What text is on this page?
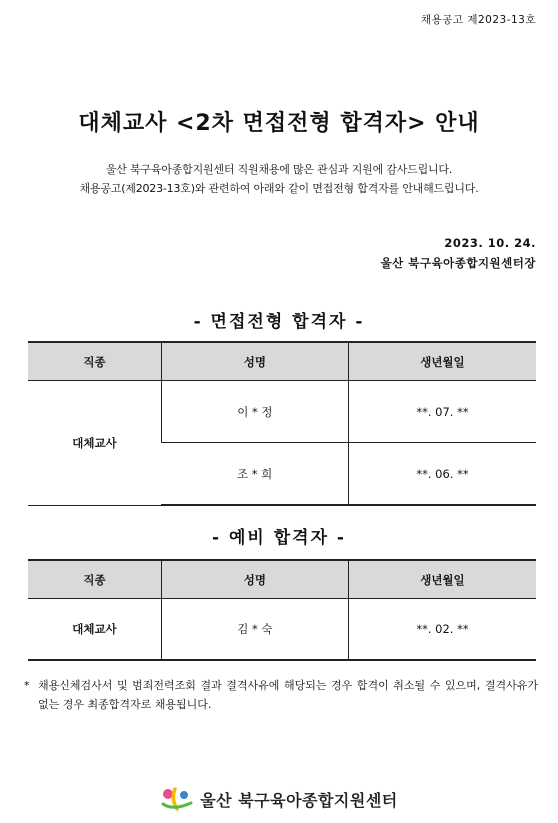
채용공고 제2023-13호
대체교사 <2차 면접전형 합격자> 안내
울산 북구육아종합지원센터 직원채용에 많은 관심과 지원에 감사드립니다.
채용공고(제2023-13호)와 관련하여 아래와 같이 면접전형 합격자를 안내해드립니다.
2023. 10. 24.
울산 북구육아종합지원센터장
- 면접전형 합격자 -
직종	성명	생년월일
대체교사	이 * 정	**. 07. **
	조 * 희	**. 06. **
- 예비 합격자 -
직종	성명	생년월일
대체교사	김 * 숙	**. 02. **
* 채용신체검사서 및 범죄전력조회 결과 결격사유에 해당되는 경우 합격이 취소될 수 있으며, 결격사유가 없는 경우 최종합격자로 채용됩니다.
울산 북구육아종합지원센터
